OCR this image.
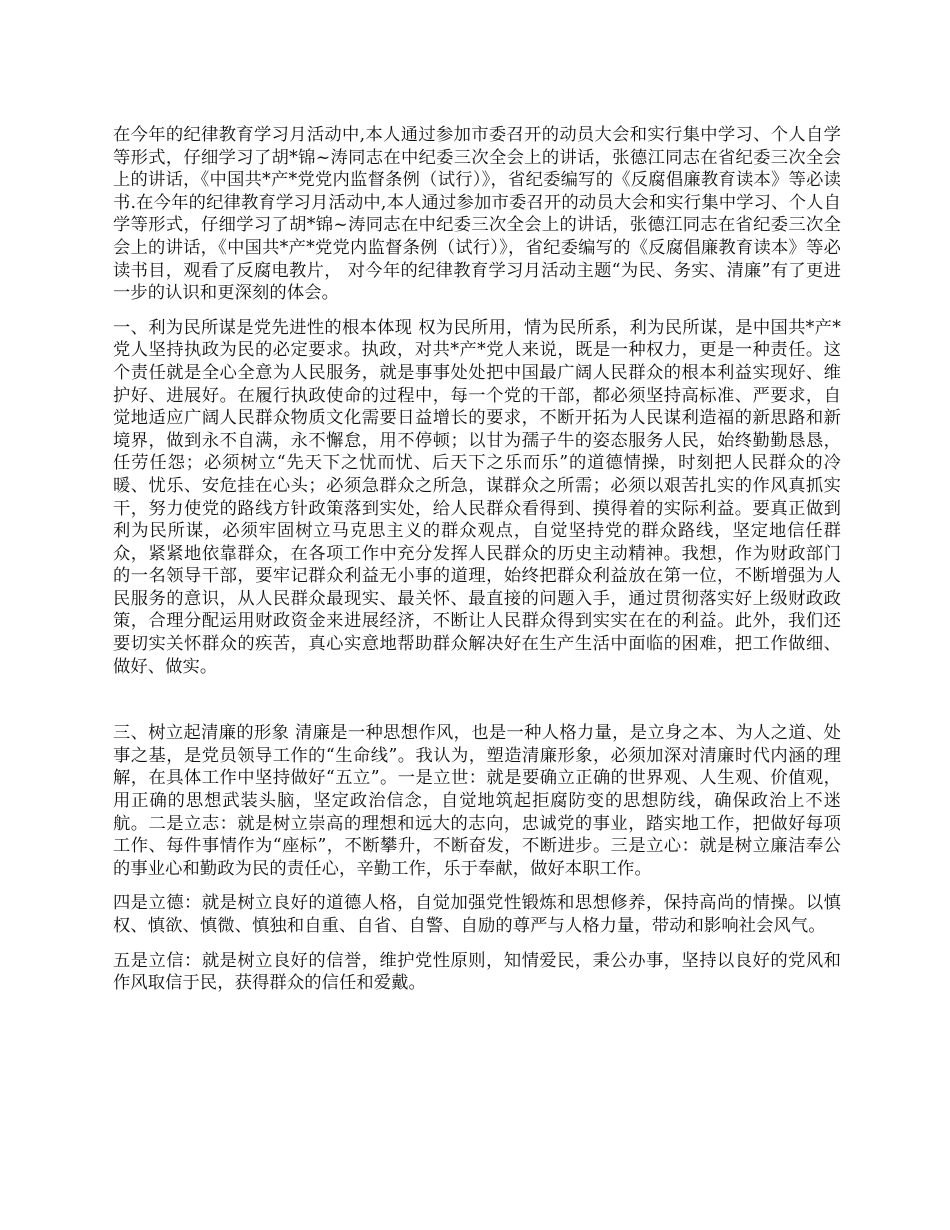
在今年的纪律教育学习月活动中,本人通过参加市委召开的动员大会和实行集中学习、个人自学等形式，仔细学习了胡*锦~涛同志在中纪委三次全会上的讲话，张德江同志在省纪委三次全会上的讲话，《中国共*产*党党内监督条例（试行）》，省纪委编写的《反腐倡廉教育读本》等必读书.在今年的纪律教育学习月活动中,本人通过参加市委召开的动员大会和实行集中学习、个人自学等形式，仔细学习了胡*锦~涛同志在中纪委三次全会上的讲话，张德江同志在省纪委三次全会上的讲话，《中国共*产*党党内监督条例（试行）》，省纪委编写的《反腐倡廉教育读本》等必读书目，观看了反腐电教片， 对今年的纪律教育学习月活动主题“为民、务实、清廉”有了更进一步的认识和更深刻的体会。

一、利为民所谋是党先进性的根本体现 权为民所用，情为民所系，利为民所谋，是中国共*产*党人坚持执政为民的必定要求。执政，对共*产*党人来说，既是一种权力，更是一种责任。这个责任就是全心全意为人民服务，就是事事处处把中国最广阔人民群众的根本利益实现好、维护好、进展好。在履行执政使命的过程中，每一个党的干部，都必须坚持高标准、严要求，自觉地适应广阔人民群众物质文化需要日益增长的要求，不断开拓为人民谋利造福的新思路和新境界，做到永不自满，永不懈怠，用不停顿；以甘为孺子牛的姿态服务人民，始终勤勤恳恳，任劳任怨；必须树立“先天下之忧而忧、后天下之乐而乐”的道德情操，时刻把人民群众的冷暖、忧乐、安危挂在心头；必须急群众之所急，谋群众之所需；必须以艰苦扎实的作风真抓实干，努力使党的路线方针政策落到实处，给人民群众看得到、摸得着的实际利益。要真正做到利为民所谋，必须牢固树立马克思主义的群众观点，自觉坚持党的群众路线，坚定地信任群众，紧紧地依靠群众，在各项工作中充分发挥人民群众的历史主动精神。我想，作为财政部门的一名领导干部，要牢记群众利益无小事的道理，始终把群众利益放在第一位，不断增强为人民服务的意识，从人民群众最现实、最关怀、最直接的问题入手，通过贯彻落实好上级财政政策，合理分配运用财政资金来进展经济，不断让人民群众得到实实在在的利益。此外，我们还要切实关怀群众的疾苦，真心实意地帮助群众解决好在生产生活中面临的困难，把工作做细、做好、做实。

三、树立起清廉的形象 清廉是一种思想作风，也是一种人格力量，是立身之本、为人之道、处事之基，是党员领导工作的“生命线”。我认为，塑造清廉形象，必须加深对清廉时代内涵的理解，在具体工作中坚持做好“五立”。一是立世：就是要确立正确的世界观、人生观、价值观，用正确的思想武装头脑，坚定政治信念，自觉地筑起拒腐防变的思想防线，确保政治上不迷航。二是立志：就是树立崇高的理想和远大的志向，忠诚党的事业，踏实地工作，把做好每项工作、每件事情作为“座标”，不断攀升，不断奋发，不断进步。三是立心：就是树立廉洁奉公的事业心和勤政为民的责任心，辛勤工作，乐于奉献，做好本职工作。

四是立德：就是树立良好的道德人格，自觉加强党性锻炼和思想修养，保持高尚的情操。以慎权、慎欲、慎微、慎独和自重、自省、自警、自励的尊严与人格力量，带动和影响社会风气。

五是立信：就是树立良好的信誉，维护党性原则，知情爱民，秉公办事，坚持以良好的党风和作风取信于民，获得群众的信任和爱戴。
